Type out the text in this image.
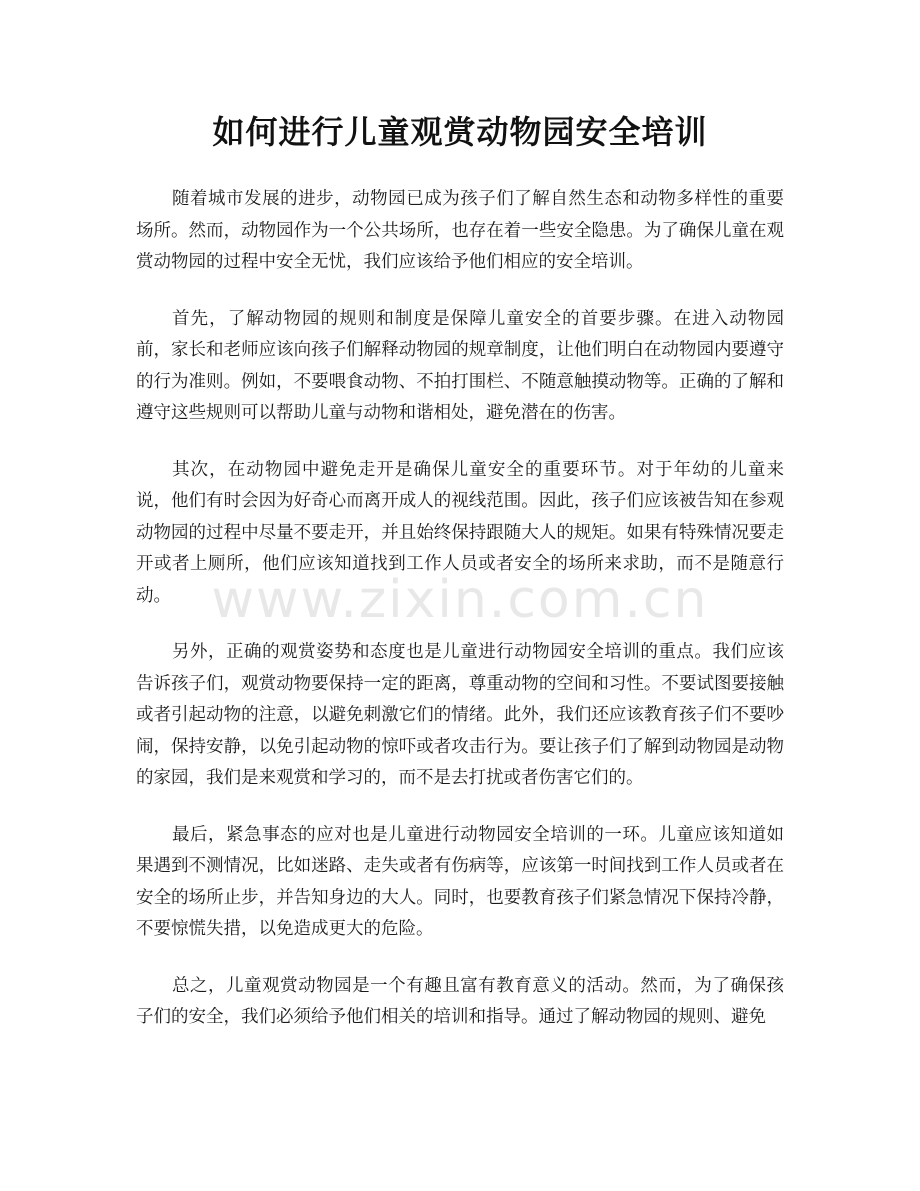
www.zixin.com.cn
如何进行儿童观赏动物园安全培训

随着城市发展的进步，动物园已成为孩子们了解自然生态和动物多样性的重要场所。然而，动物园作为一个公共场所，也存在着一些安全隐患。为了确保儿童在观赏动物园的过程中安全无忧，我们应该给予他们相应的安全培训。

首先，了解动物园的规则和制度是保障儿童安全的首要步骤。在进入动物园前，家长和老师应该向孩子们解释动物园的规章制度，让他们明白在动物园内要遵守的行为准则。例如，不要喂食动物、不拍打围栏、不随意触摸动物等。正确的了解和遵守这些规则可以帮助儿童与动物和谐相处，避免潜在的伤害。

其次，在动物园中避免走开是确保儿童安全的重要环节。对于年幼的儿童来说，他们有时会因为好奇心而离开成人的视线范围。因此，孩子们应该被告知在参观动物园的过程中尽量不要走开，并且始终保持跟随大人的规矩。如果有特殊情况要走开或者上厕所，他们应该知道找到工作人员或者安全的场所来求助，而不是随意行动。

另外，正确的观赏姿势和态度也是儿童进行动物园安全培训的重点。我们应该告诉孩子们，观赏动物要保持一定的距离，尊重动物的空间和习性。不要试图要接触或者引起动物的注意，以避免刺激它们的情绪。此外，我们还应该教育孩子们不要吵闹，保持安静，以免引起动物的惊吓或者攻击行为。要让孩子们了解到动物园是动物的家园，我们是来观赏和学习的，而不是去打扰或者伤害它们的。

最后，紧急事态的应对也是儿童进行动物园安全培训的一环。儿童应该知道如果遇到不测情况，比如迷路、走失或者有伤病等，应该第一时间找到工作人员或者在安全的场所止步，并告知身边的大人。同时，也要教育孩子们紧急情况下保持冷静，不要惊慌失措，以免造成更大的危险。

总之，儿童观赏动物园是一个有趣且富有教育意义的活动。然而，为了确保孩子们的安全，我们必须给予他们相关的培训和指导。通过了解动物园的规则、避免
